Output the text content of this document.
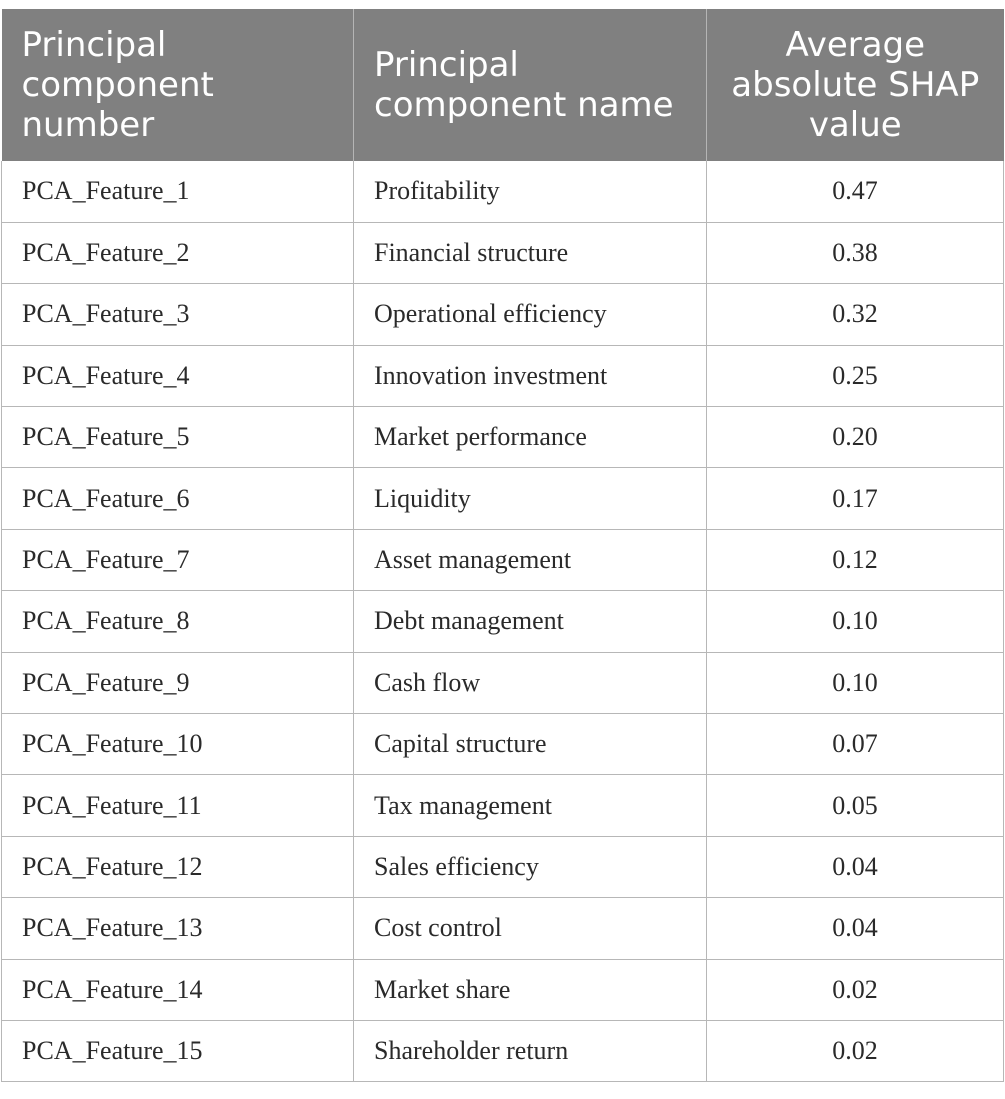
Principal component number	Principal component name	Average absolute SHAP value
PCA_Feature_1	Profitability	0.47
PCA_Feature_2	Financial structure	0.38
PCA_Feature_3	Operational efficiency	0.32
PCA_Feature_4	Innovation investment	0.25
PCA_Feature_5	Market performance	0.20
PCA_Feature_6	Liquidity	0.17
PCA_Feature_7	Asset management	0.12
PCA_Feature_8	Debt management	0.10
PCA_Feature_9	Cash flow	0.10
PCA_Feature_10	Capital structure	0.07
PCA_Feature_11	Tax management	0.05
PCA_Feature_12	Sales efficiency	0.04
PCA_Feature_13	Cost control	0.04
PCA_Feature_14	Market share	0.02
PCA_Feature_15	Shareholder return	0.02
